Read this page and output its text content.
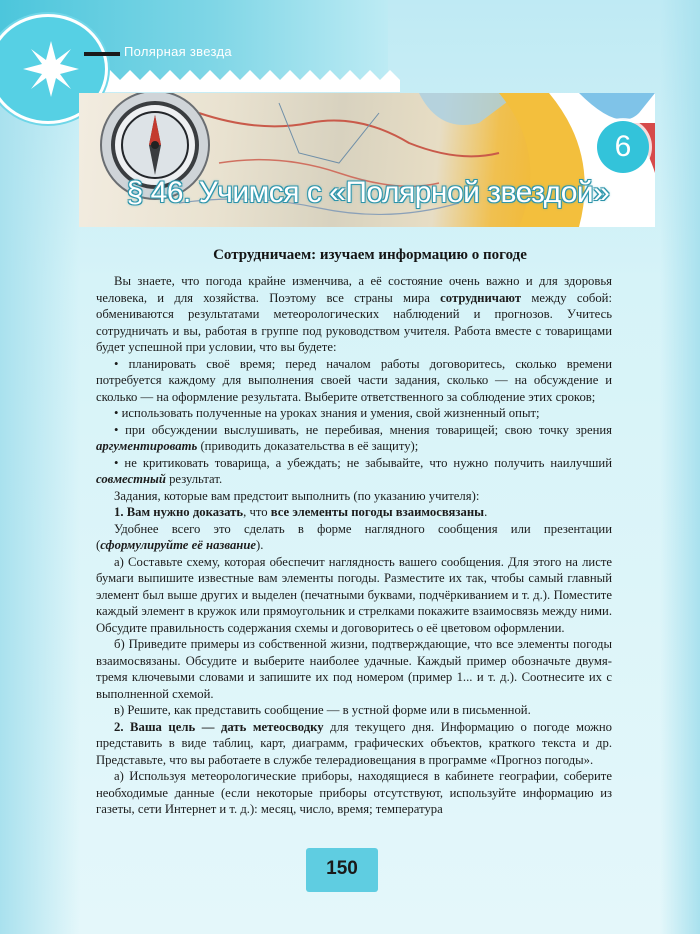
Полярная звезда
6
§ 46. Учимся с «Полярной звездой»
Сотрудничаем: изучаем информацию о погоде

Вы знаете, что погода крайне изменчива, а её состояние очень важно и для здоровья человека, и для хозяйства. Поэтому все страны мира сотрудничают между собой: обмениваются результатами метеорологических наблюдений и прогнозов. Учитесь сотрудничать и вы, работая в группе под руководством учителя. Работа вместе с товарищами будет успешной при условии, что вы будете:

• планировать своё время; перед началом работы договоритесь, сколько времени потребуется каждому для выполнения своей части задания, сколько — на обсуждение и сколько — на оформление результата. Выберите ответственного за соблюдение этих сроков;

• использовать полученные на уроках знания и умения, свой жизненный опыт;

• при обсуждении выслушивать, не перебивая, мнения товарищей; свою точку зрения аргументировать (приводить доказательства в её защиту);

• не критиковать товарища, а убеждать; не забывайте, что нужно получить наилучший совместный результат.

Задания, которые вам предстоит выполнить (по указанию учителя):

1. Вам нужно доказать, что все элементы погоды взаимосвязаны.

Удобнее всего это сделать в форме наглядного сообщения или презентации (сформулируйте её название).

а) Составьте схему, которая обеспечит наглядность вашего сообщения. Для этого на листе бумаги выпишите известные вам элементы погоды. Разместите их так, чтобы самый главный элемент был выше других и выделен (печатными буквами, подчёркиванием и т. д.). Поместите каждый элемент в кружок или прямоугольник и стрелками покажите взаимосвязь между ними. Обсудите правильность содержания схемы и договоритесь о её цветовом оформлении.

б) Приведите примеры из собственной жизни, подтверждающие, что все элементы погоды взаимосвязаны. Обсудите и выберите наиболее удачные. Каждый пример обозначьте двумя-тремя ключевыми словами и запишите их под номером (пример 1... и т. д.). Соотнесите их с выполненной схемой.

в) Решите, как представить сообщение — в устной форме или в письменной.

2. Ваша цель — дать метеосводку для текущего дня. Информацию о погоде можно представить в виде таблиц, карт, диаграмм, графических объектов, краткого текста и др. Представьте, что вы работаете в службе телерадиовещания в программе «Прогноз погоды».

а) Используя метеорологические приборы, находящиеся в кабинете географии, соберите необходимые данные (если некоторые приборы отсутствуют, используйте информацию из газеты, сети Интернет и т. д.): месяц, число, время; температура

150
